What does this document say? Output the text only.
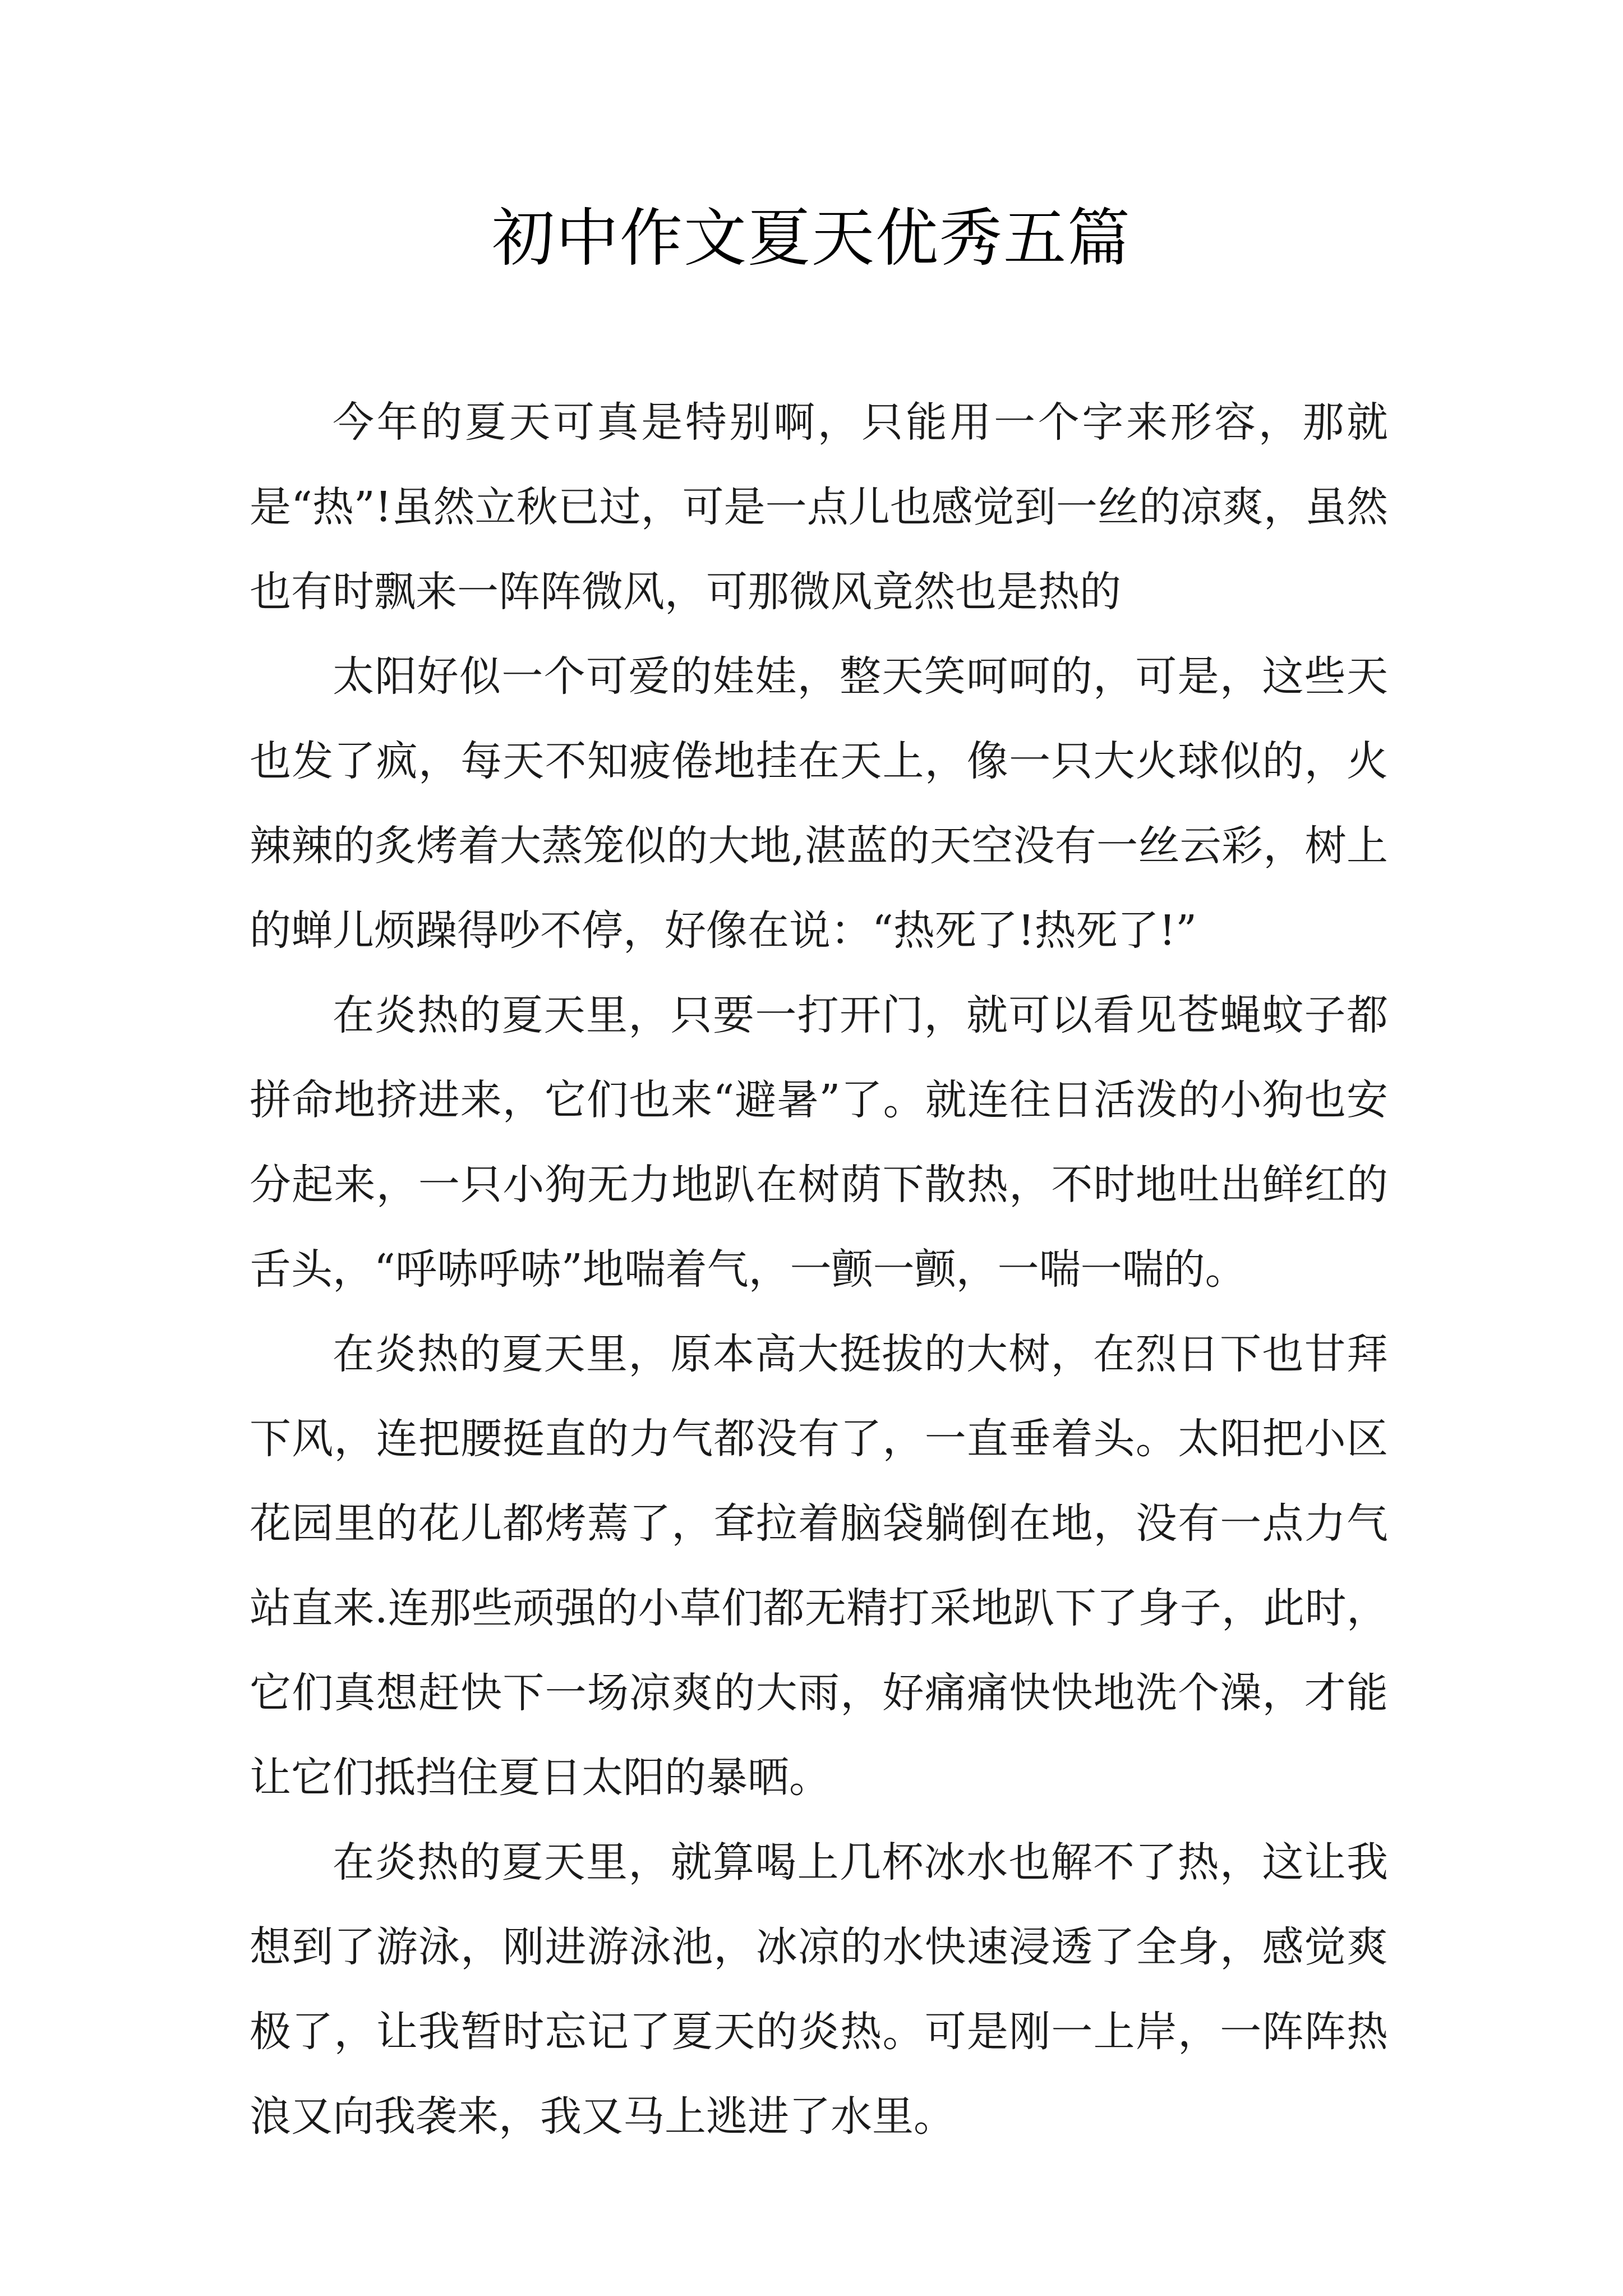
初中作文夏天优秀五篇

今年的夏天可真是特别啊，只能用一个字来形容，那就是“热”!虽然立秋已过，可是一点儿也感觉到一丝的凉爽，虽然也有时飘来一阵阵微风，可那微风竟然也是热的

太阳好似一个可爱的娃娃，整天笑呵呵的，可是，这些天也发了疯，每天不知疲倦地挂在天上，像一只大火球似的，火辣辣的炙烤着大蒸笼似的大地,湛蓝的天空没有一丝云彩，树上的蝉儿烦躁得吵不停，好像在说：“热死了!热死了!”

在炎热的夏天里，只要一打开门，就可以看见苍蝇蚊子都拼命地挤进来，它们也来“避暑”了。就连往日活泼的小狗也安分起来，一只小狗无力地趴在树荫下散热，不时地吐出鲜红的舌头，“呼哧呼哧”地喘着气，一颤一颤，一喘一喘的。

在炎热的夏天里，原本高大挺拔的大树，在烈日下也甘拜下风，连把腰挺直的力气都没有了，一直垂着头。太阳把小区花园里的花儿都烤蔫了，耷拉着脑袋躺倒在地，没有一点力气站直来.连那些顽强的小草们都无精打采地趴下了身子，此时，它们真想赶快下一场凉爽的大雨，好痛痛快快地洗个澡，才能让它们抵挡住夏日太阳的暴晒。

在炎热的夏天里，就算喝上几杯冰水也解不了热，这让我想到了游泳，刚进游泳池，冰凉的水快速浸透了全身，感觉爽极了，让我暂时忘记了夏天的炎热。可是刚一上岸，一阵阵热浪又向我袭来，我又马上逃进了水里。
